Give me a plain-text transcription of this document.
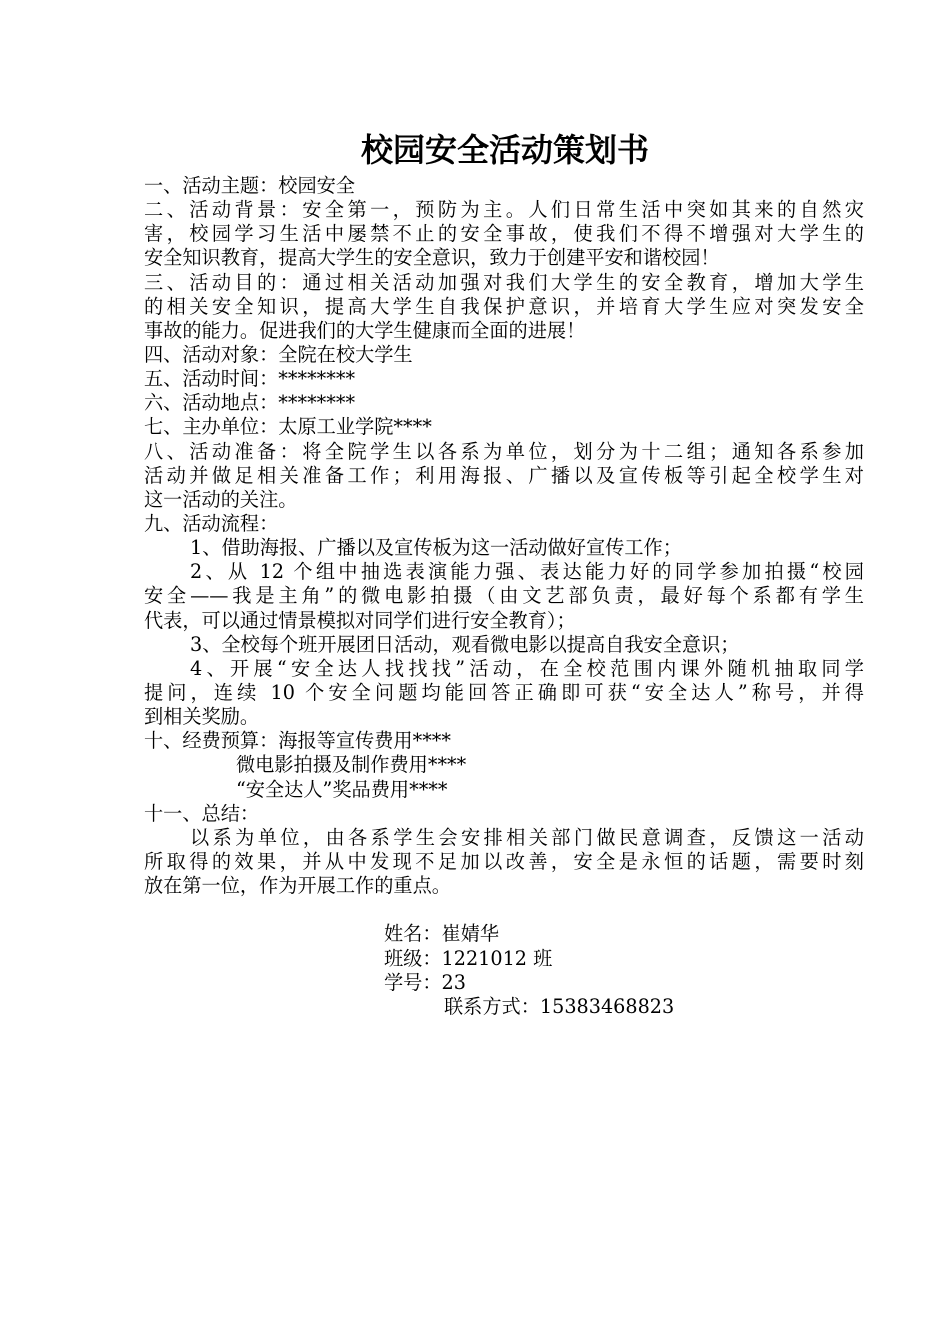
校园安全活动策划书
一、活动主题：校园安全
二、活动背景：安全第一，预防为主。人们日常生活中突如其来的自然灾
害，校园学习生活中屡禁不止的安全事故，使我们不得不增强对大学生的
安全知识教育，提高大学生的安全意识，致力于创建平安和谐校园！
三、活动目的：通过相关活动加强对我们大学生的安全教育，增加大学生
的相关安全知识，提高大学生自我保护意识，并培育大学生应对突发安全
事故的能力。促进我们的大学生健康而全面的进展！
四、活动对象：全院在校大学生
五、活动时间：********
六、活动地点：********
七、主办单位：太原工业学院****
八、活动准备：将全院学生以各系为单位，划分为十二组；通知各系参加
活动并做足相关准备工作；利用海报、广播以及宣传板等引起全校学生对
这一活动的关注。
九、活动流程：
1、借助海报、广播以及宣传板为这一活动做好宣传工作；
2、从 12 个组中抽选表演能力强、表达能力好的同学参加拍摄“校园
安全——我是主角”的微电影拍摄（由文艺部负责，最好每个系都有学生
代表，可以通过情景模拟对同学们进行安全教育）；
3、全校每个班开展团日活动，观看微电影以提高自我安全意识；
4、开展“安全达人找找找”活动，在全校范围内课外随机抽取同学
提问，连续 10 个安全问题均能回答正确即可获“安全达人”称号，并得
到相关奖励。
十、经费预算：海报等宣传费用****
微电影拍摄及制作费用****
“安全达人”奖品费用****
十一、总结：
以系为单位，由各系学生会安排相关部门做民意调查，反馈这一活动
所取得的效果，并从中发现不足加以改善，安全是永恒的话题，需要时刻
放在第一位，作为开展工作的重点。
姓名：崔婧华
班级：1221012 班
学号：23
联系方式：15383468823
